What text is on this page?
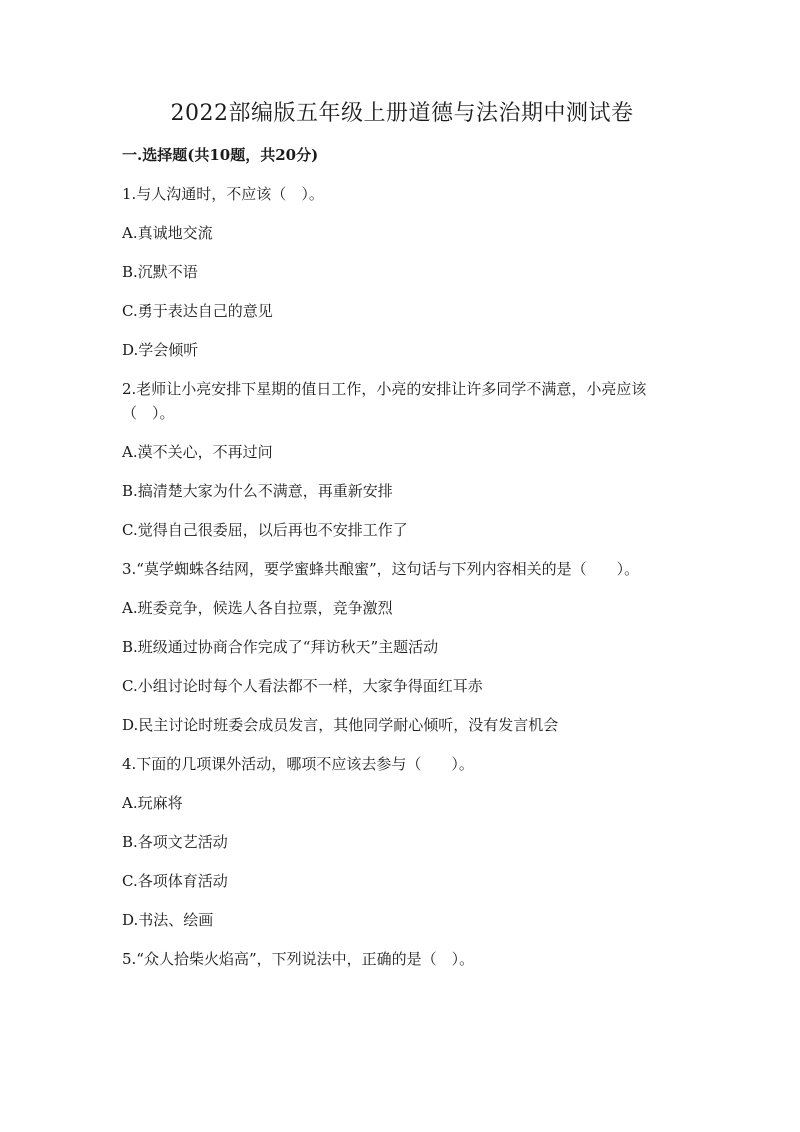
2022部编版五年级上册道德与法治期中测试卷
一.选择题(共10题，共20分)
1.与人沟通时，不应该（　）。
A.真诚地交流
B.沉默不语
C.勇于表达自己的意见
D.学会倾听
2.老师让小亮安排下星期的值日工作，小亮的安排让许多同学不满意，小亮应该（　）。
A.漠不关心，不再过问
B.搞清楚大家为什么不满意，再重新安排
C.觉得自己很委屈，以后再也不安排工作了
3.“莫学蜘蛛各结网，要学蜜蜂共酿蜜”，这句话与下列内容相关的是（　　）。
A.班委竞争，候选人各自拉票，竞争激烈
B.班级通过协商合作完成了“拜访秋天”主题活动
C.小组讨论时每个人看法都不一样，大家争得面红耳赤
D.民主讨论时班委会成员发言，其他同学耐心倾听，没有发言机会
4.下面的几项课外活动，哪项不应该去参与（　　）。
A.玩麻将
B.各项文艺活动
C.各项体育活动
D.书法、绘画
5.“众人拾柴火焰高”，下列说法中，正确的是（　）。
